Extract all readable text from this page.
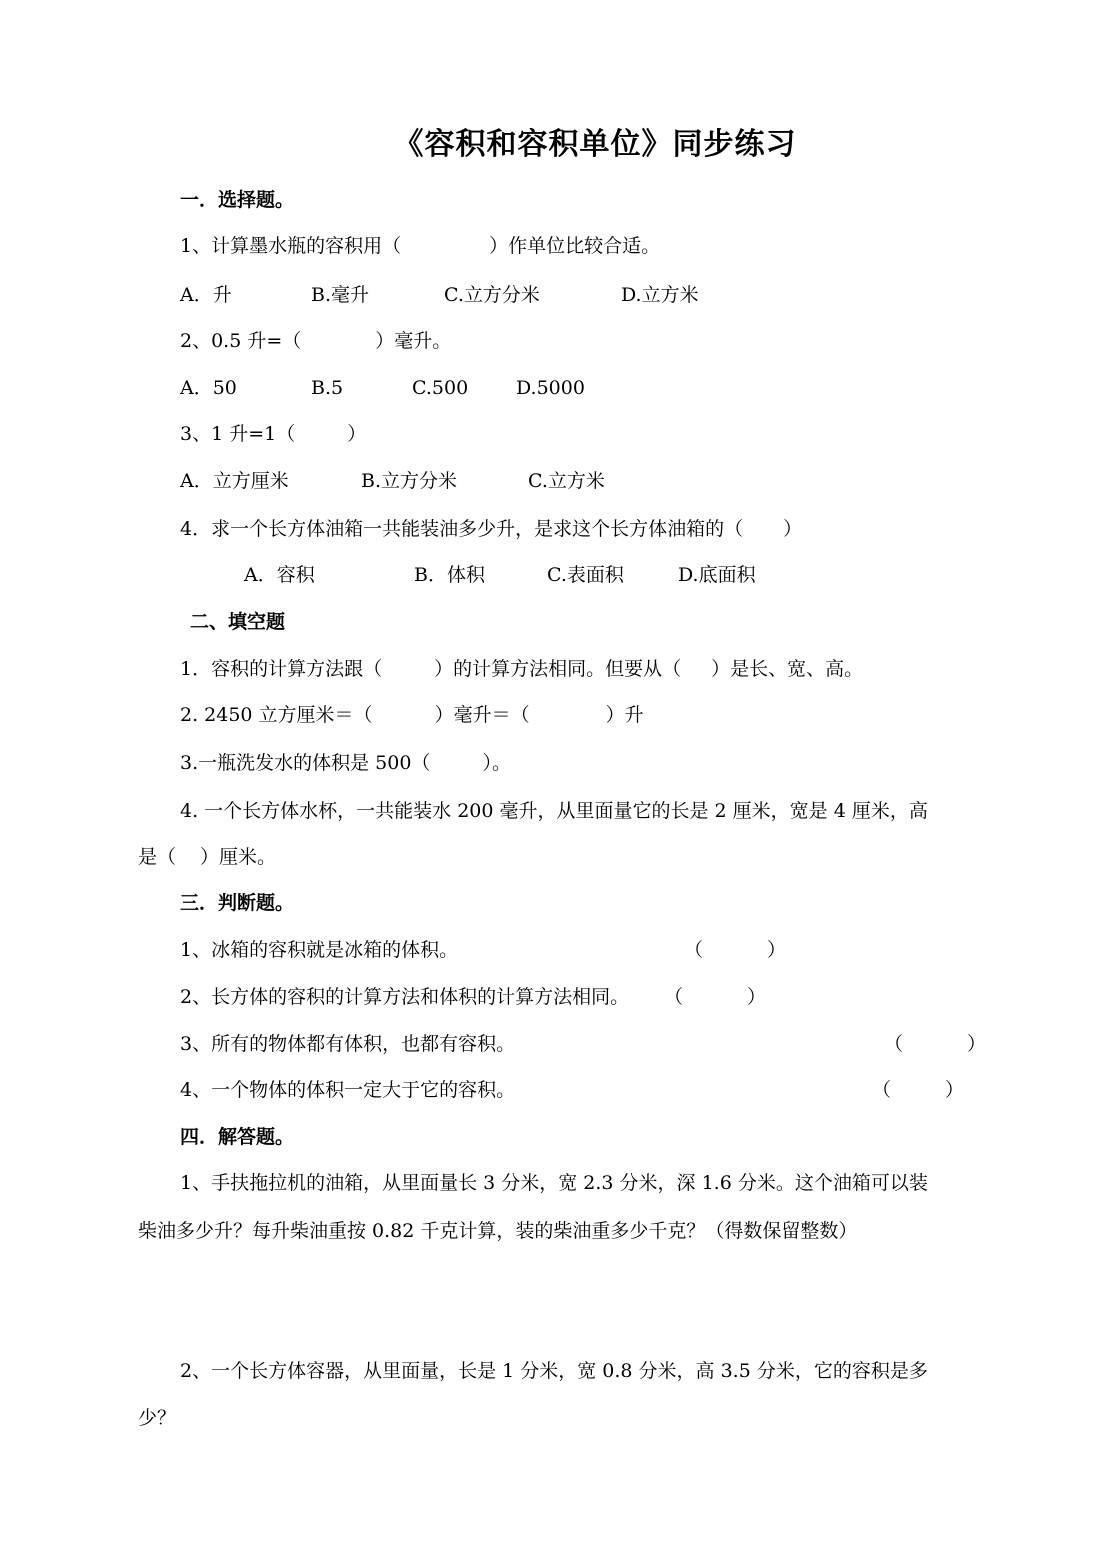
《容积和容积单位》同步练习
一．选择题。
1、计算墨水瓶的容积用（	）作单位比较合适。

A．升

	B.毫升

	C.立方分米

	D.立方米

2、0.5 升=（	）毫升。

A．50

	B.5

	C.500

	D.5000

3、1 升=1（	）

A．立方厘米

	B.立方分米

	C.立方米

4．求一个长方体油箱一共能装油多少升，是求这个长方体油箱的（ ）

A．容积

	B．体积

	C.表面积

	D.底面积

二、填空题
1．容积的计算方法跟（	）的计算方法相同。但要从（ ）是长、宽、高。
2. 2450 立方厘米＝（	）毫升＝（	）升
3.一瓶洗发水的体积是 500（	）。
4. 一个长方体水杯，一共能装水 200 毫升，从里面量它的长是 2 厘米，宽是 4 厘米，高
是（ ）厘米。
三．判断题。
1、冰箱的容积就是冰箱的体积。	（	）
2、长方体的容积的计算方法和体积的计算方法相同。 （	）
3、所有的物体都有体积，也都有容积。	（	）
4、一个物体的体积一定大于它的容积。	（	）
四．解答题。
1、手扶拖拉机的油箱，从里面量长 3 分米，宽 2.3 分米，深 1.6 分米。这个油箱可以装
柴油多少升？每升柴油重按 0.82 千克计算，装的柴油重多少千克？（得数保留整数）
2、一个长方体容器，从里面量，长是 1 分米，宽 0.8 分米，高 3.5 分米，它的容积是多
少？
